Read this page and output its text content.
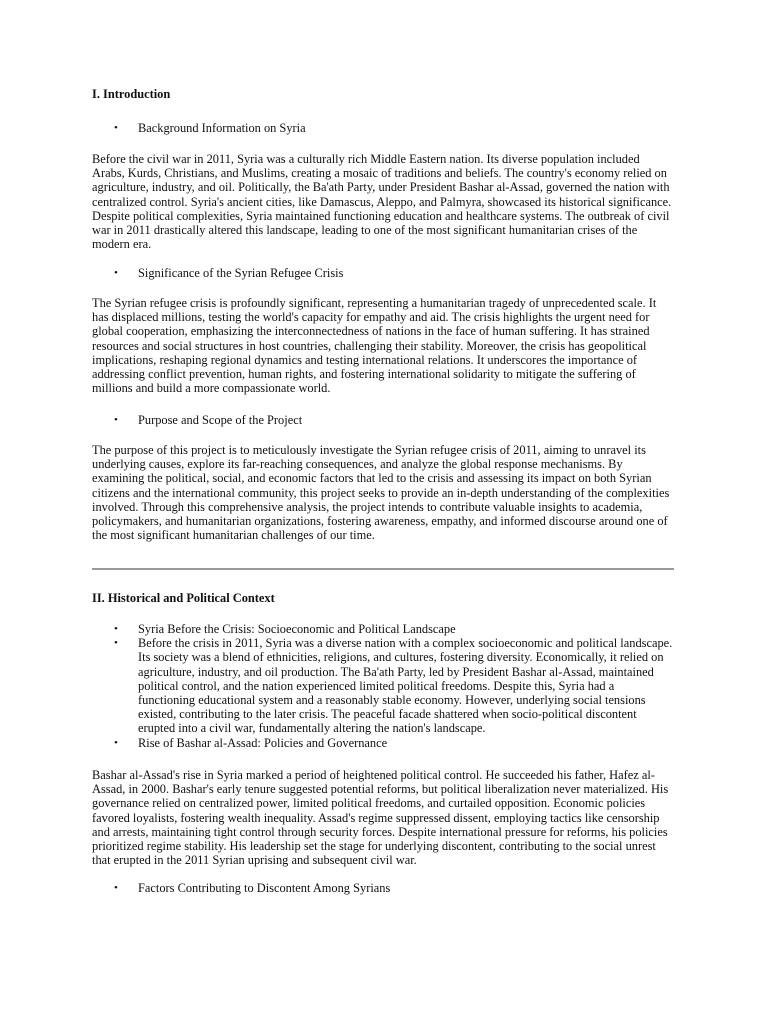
I. Introduction
• Background Information on Syria
Before the civil war in 2011, Syria was a culturally rich Middle Eastern nation. Its diverse population included Arabs, Kurds, Christians, and Muslims, creating a mosaic of traditions and beliefs. The country's economy relied on agriculture, industry, and oil. Politically, the Ba'ath Party, under President Bashar al-Assad, governed the nation with centralized control. Syria's ancient cities, like Damascus, Aleppo, and Palmyra, showcased its historical significance. Despite political complexities, Syria maintained functioning education and healthcare systems. The outbreak of civil war in 2011 drastically altered this landscape, leading to one of the most significant humanitarian crises of the modern era.
• Significance of the Syrian Refugee Crisis
The Syrian refugee crisis is profoundly significant, representing a humanitarian tragedy of unprecedented scale. It has displaced millions, testing the world's capacity for empathy and aid. The crisis highlights the urgent need for global cooperation, emphasizing the interconnectedness of nations in the face of human suffering. It has strained resources and social structures in host countries, challenging their stability. Moreover, the crisis has geopolitical implications, reshaping regional dynamics and testing international relations. It underscores the importance of addressing conflict prevention, human rights, and fostering international solidarity to mitigate the suffering of millions and build a more compassionate world.
• Purpose and Scope of the Project
The purpose of this project is to meticulously investigate the Syrian refugee crisis of 2011, aiming to unravel its underlying causes, explore its far-reaching consequences, and analyze the global response mechanisms. By examining the political, social, and economic factors that led to the crisis and assessing its impact on both Syrian citizens and the international community, this project seeks to provide an in-depth understanding of the complexities involved. Through this comprehensive analysis, the project intends to contribute valuable insights to academia, policymakers, and humanitarian organizations, fostering awareness, empathy, and informed discourse around one of the most significant humanitarian challenges of our time.
II. Historical and Political Context
• Syria Before the Crisis: Socioeconomic and Political Landscape
• Before the crisis in 2011, Syria was a diverse nation with a complex socioeconomic and political landscape. Its society was a blend of ethnicities, religions, and cultures, fostering diversity. Economically, it relied on agriculture, industry, and oil production. The Ba'ath Party, led by President Bashar al-Assad, maintained political control, and the nation experienced limited political freedoms. Despite this, Syria had a functioning educational system and a reasonably stable economy. However, underlying social tensions existed, contributing to the later crisis. The peaceful facade shattered when socio-political discontent erupted into a civil war, fundamentally altering the nation's landscape.
• Rise of Bashar al-Assad: Policies and Governance
Bashar al-Assad's rise in Syria marked a period of heightened political control. He succeeded his father, Hafez al-Assad, in 2000. Bashar's early tenure suggested potential reforms, but political liberalization never materialized. His governance relied on centralized power, limited political freedoms, and curtailed opposition. Economic policies favored loyalists, fostering wealth inequality. Assad's regime suppressed dissent, employing tactics like censorship and arrests, maintaining tight control through security forces. Despite international pressure for reforms, his policies prioritized regime stability. His leadership set the stage for underlying discontent, contributing to the social unrest that erupted in the 2011 Syrian uprising and subsequent civil war.
• Factors Contributing to Discontent Among Syrians
